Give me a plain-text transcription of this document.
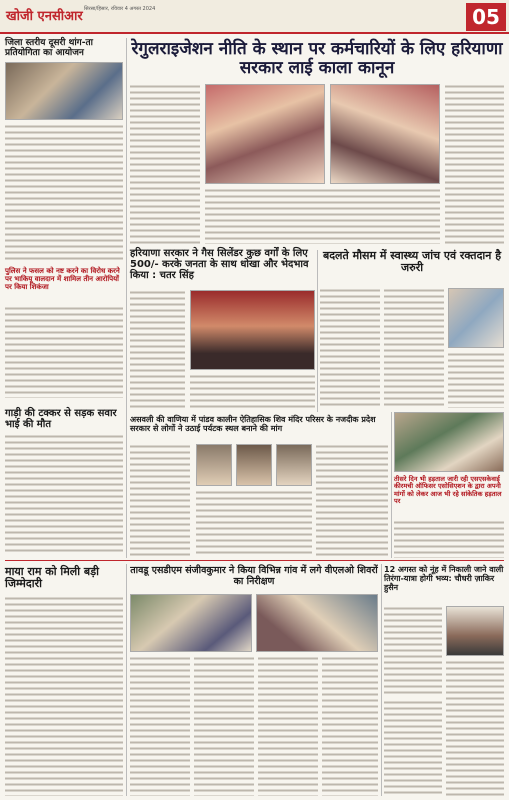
खोजी एनसीआर सिरसा/हिसार, रविवार 4 अगस्त 2024	05
जिला स्तरीय दूसरी थांग-ता प्रतियोगिता का आयोजन	रेगुलराइजेशन नीति के स्थान पर कर्मचारियों के लिए हरियाणा सरकार लाई काला कानून

पुलिस ने फसल को नष्ट करने का विरोध करने पर भाकियू वालदान में शामिल तीन आरोपियों पर किया शिकंजा

हरियाणा सरकार ने गैस सिलेंडर कुछ वर्गों के लिए 500/- करके जनता के साथ धोखा और भेदभाव किया : चतर सिंह

बदलते मौसम में स्वास्थ्य जांच एवं रक्तदान है जरुरी

गाड़ी की टक्कर से सड़क सवार भाई की मौत	असवली की वाणिया में पांडव कालीन ऐतिहासिक शिव मंदिर परिसर के नजदीक प्रदेश सरकार से लोगों ने उठाई पर्यटक स्थल बनाने की मांग

तीसरे दिन भी हड़ताल जारी रही एसएसकेवाई कीरमची ऑफिसर एसोसिएशन के द्वारा अपनी मांगों को लेकर आज भी रहे सांकेतिक हड़ताल पर

माया राम को मिली बड़ी जिम्मेदारी

तावडू एसडीएम संजीवकुमार ने किया विभिन्न गांव में लगे वीएलओ शिवरों का निरीक्षण

12 अगस्त को नूंह में निकाली जाने वाली तिरंगा-यात्रा होगी भव्य: चौधरी ज़ाकिर हुसैन
